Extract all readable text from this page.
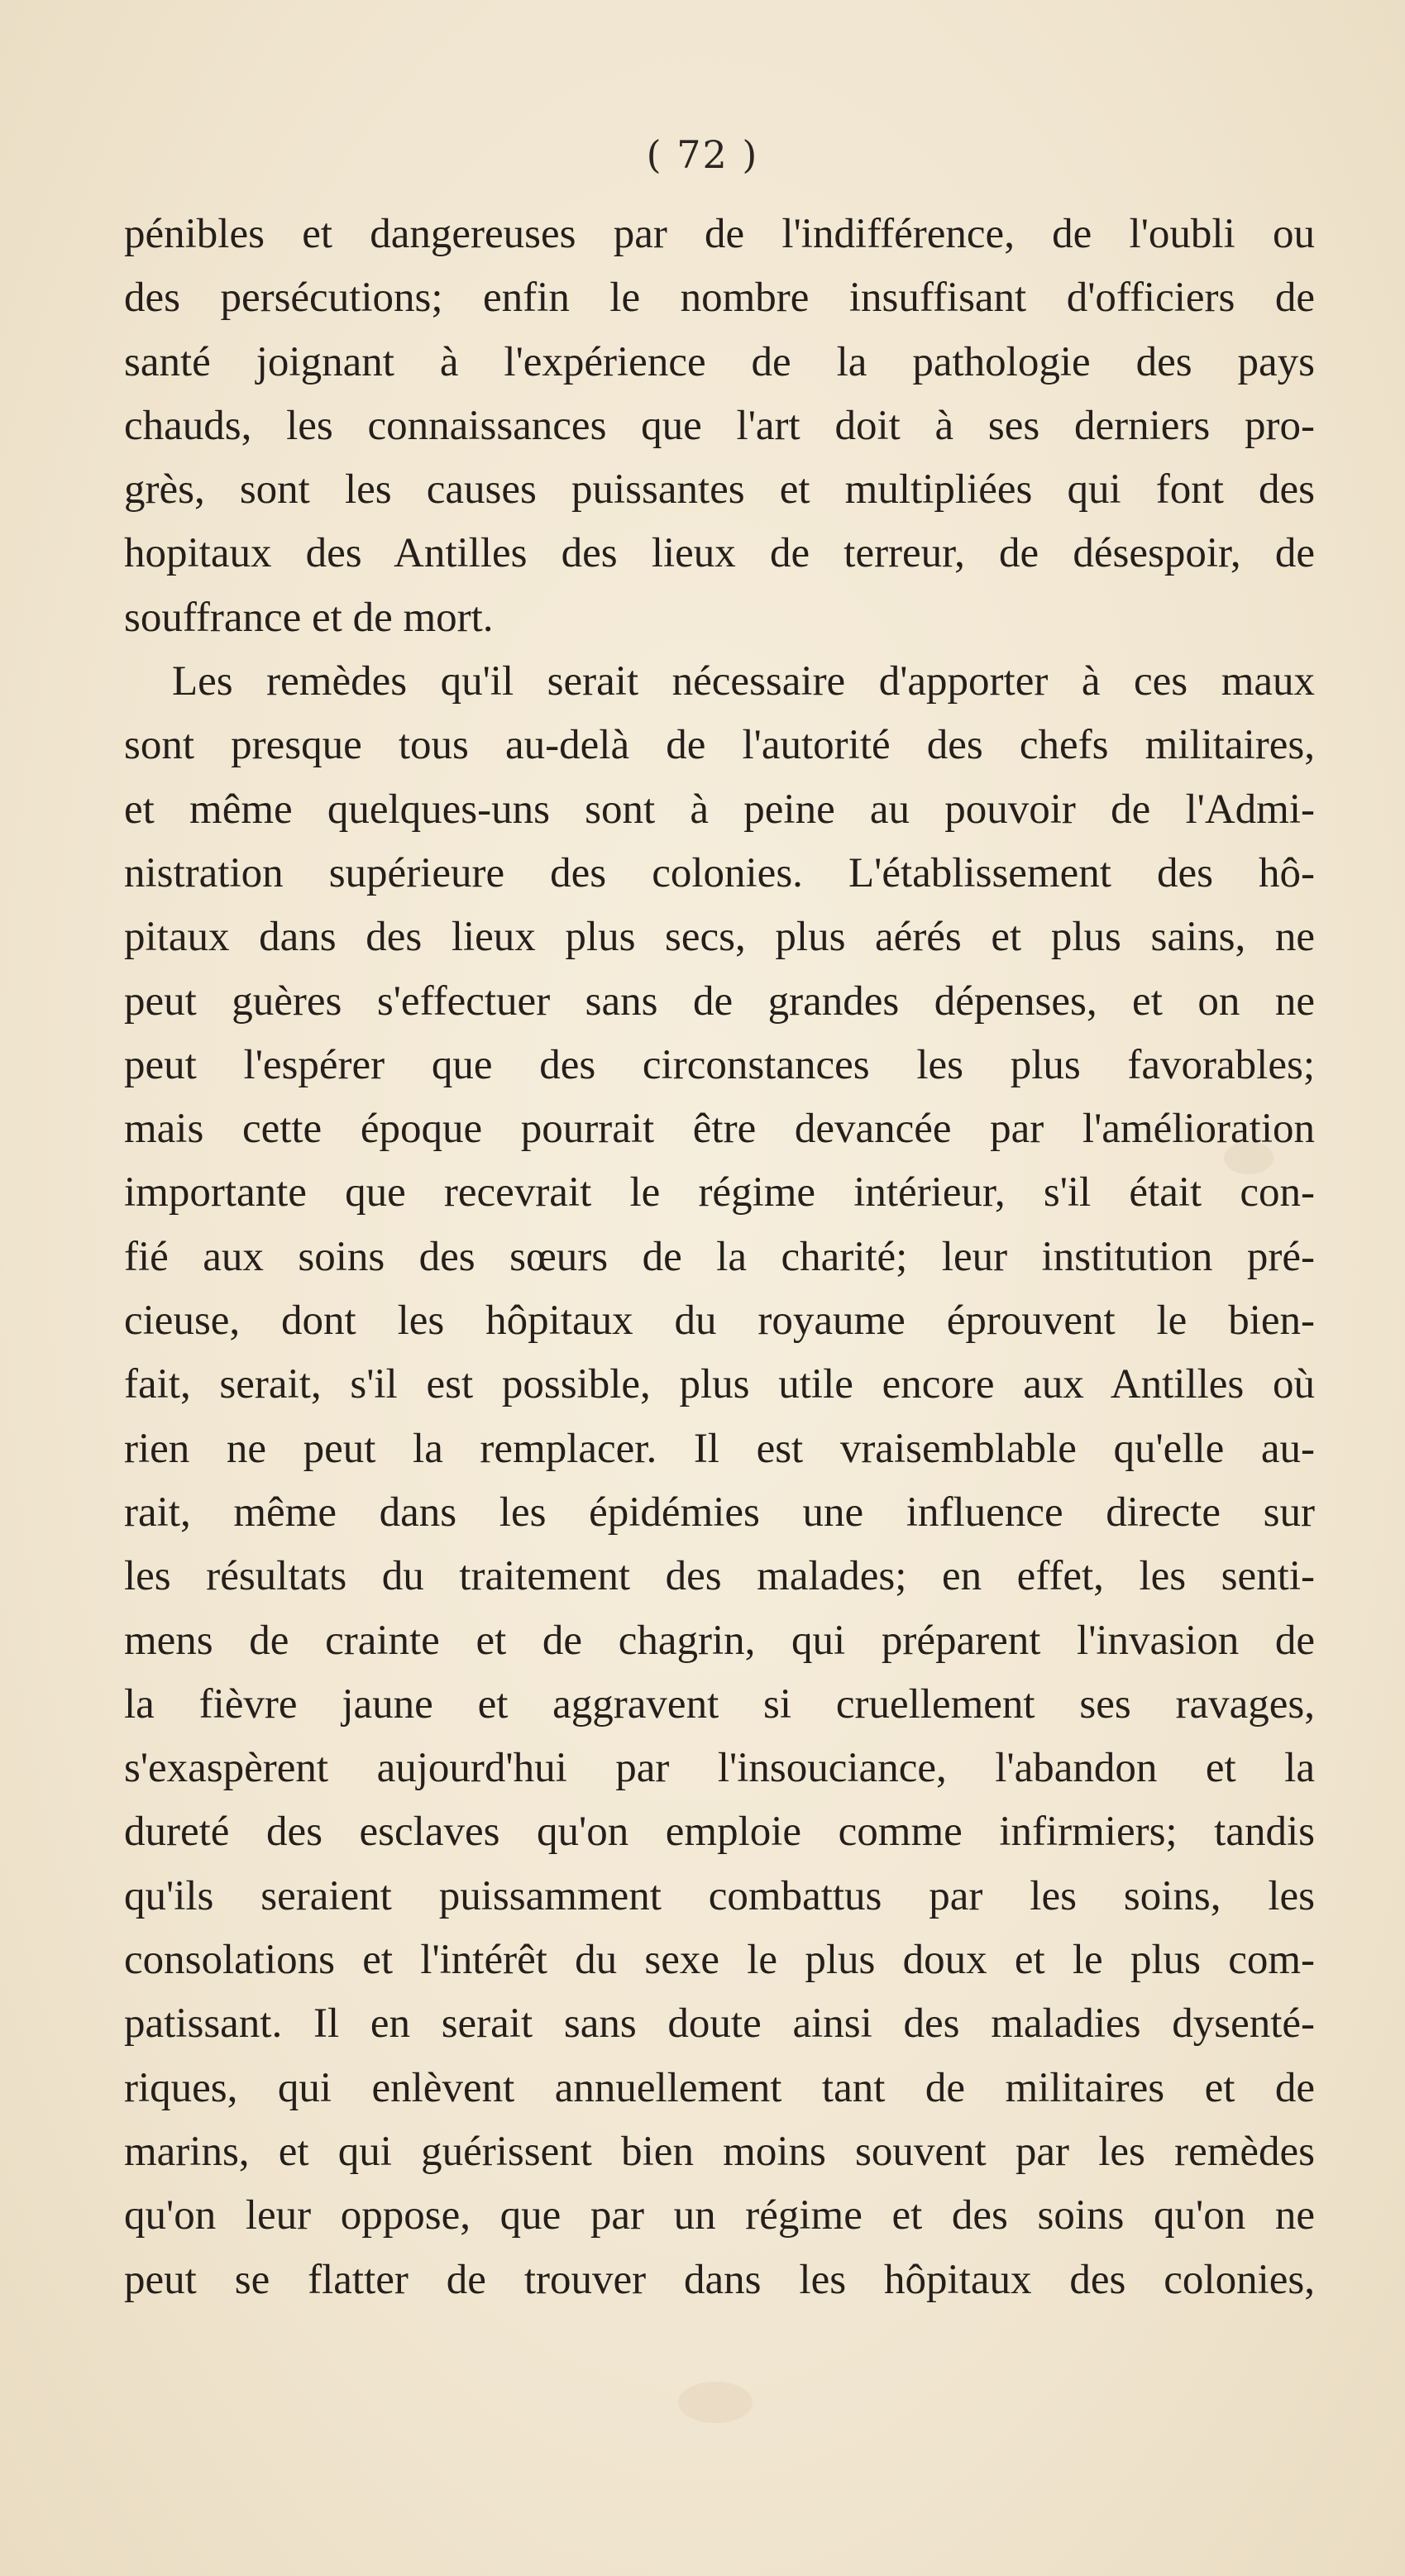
( 72 )
pénibles et dangereuses par de l'indifférence, de l'oubli ou
des persécutions; enfin le nombre insuffisant d'officiers de
santé joignant à l'expérience de la pathologie des pays
chauds, les connaissances que l'art doit à ses derniers pro-
grès, sont les causes puissantes et multipliées qui font des
hopitaux des Antilles des lieux de terreur, de désespoir, de
souffrance et de mort.
Les remèdes qu'il serait nécessaire d'apporter à ces maux
sont presque tous au-delà de l'autorité des chefs militaires,
et même quelques-uns sont à peine au pouvoir de l'Admi-
nistration supérieure des colonies. L'établissement des hô-
pitaux dans des lieux plus secs, plus aérés et plus sains, ne
peut guères s'effectuer sans de grandes dépenses, et on ne
peut l'espérer que des circonstances les plus favorables;
mais cette époque pourrait être devancée par l'amélioration
importante que recevrait le régime intérieur, s'il était con-
fié aux soins des sœurs de la charité; leur institution pré-
cieuse, dont les hôpitaux du royaume éprouvent le bien-
fait, serait, s'il est possible, plus utile encore aux Antilles où
rien ne peut la remplacer. Il est vraisemblable qu'elle au-
rait, même dans les épidémies une influence directe sur
les résultats du traitement des malades; en effet, les senti-
mens de crainte et de chagrin, qui préparent l'invasion de
la fièvre jaune et aggravent si cruellement ses ravages,
s'exaspèrent aujourd'hui par l'insouciance, l'abandon et la
dureté des esclaves qu'on emploie comme infirmiers; tandis
qu'ils seraient puissamment combattus par les soins, les
consolations et l'intérêt du sexe le plus doux et le plus com-
patissant. Il en serait sans doute ainsi des maladies dysenté-
riques, qui enlèvent annuellement tant de militaires et de
marins, et qui guérissent bien moins souvent par les remèdes
qu'on leur oppose, que par un régime et des soins qu'on ne
peut se flatter de trouver dans les hôpitaux des colonies,
